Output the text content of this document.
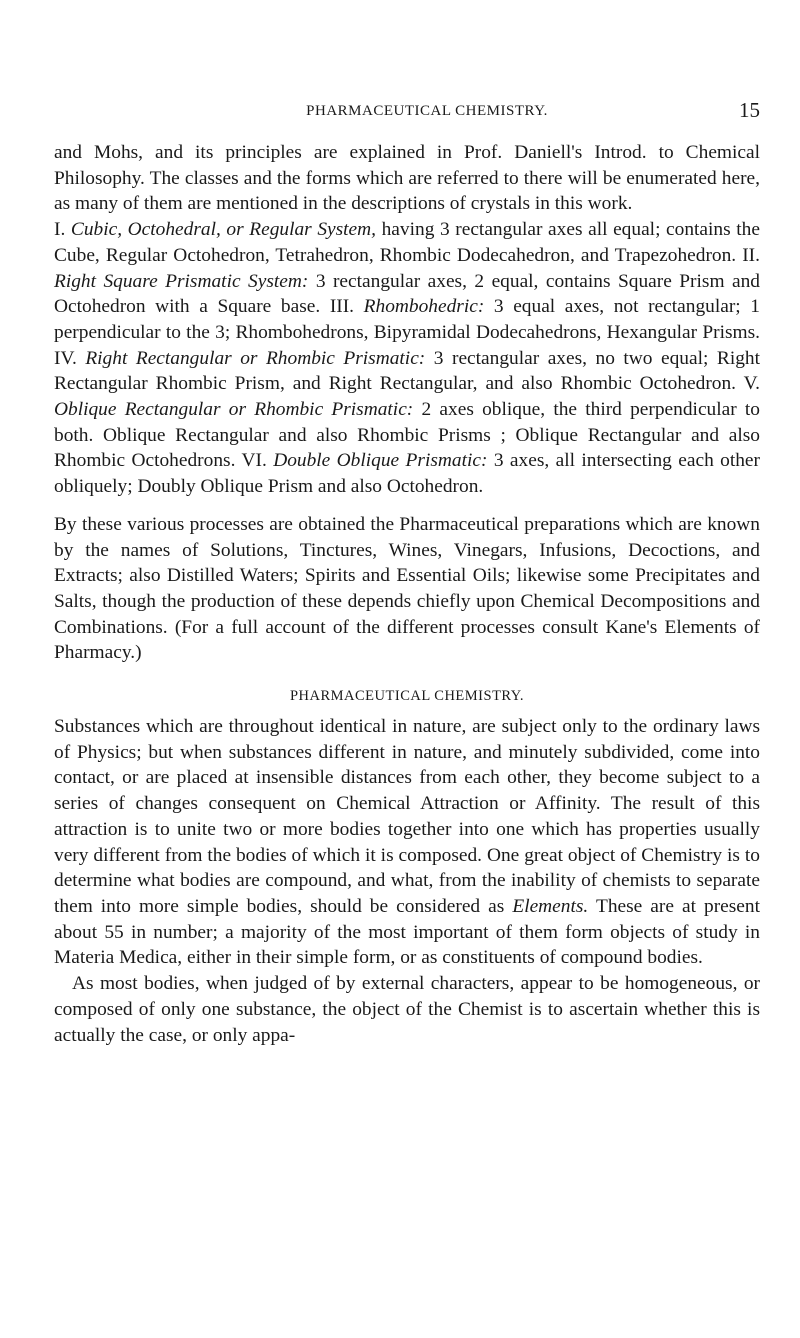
PHARMACEUTICAL CHEMISTRY.	15

and Mohs, and its principles are explained in Prof. Daniell's Introd. to Chemical Philosophy. The classes and the forms which are referred to there will be enumerated here, as many of them are mentioned in the descriptions of crystals in this work.
I. Cubic, Octohedral, or Regular System, having 3 rectangular axes all equal; contains the Cube, Regular Octohedron, Tetrahedron, Rhombic Dodecahedron, and Trapezohedron. II. Right Square Prismatic System: 3 rectangular axes, 2 equal, contains Square Prism and Octohedron with a Square base. III. Rhombohedric: 3 equal axes, not rectangular; 1 perpendicular to the 3; Rhombohedrons, Bipyramidal Dodecahedrons, Hexangular Prisms. IV. Right Rectangular or Rhombic Prismatic: 3 rectangular axes, no two equal; Right Rectangular Rhombic Prism, and Right Rectangular, and also Rhombic Octohedron. V. Oblique Rectangular or Rhombic Prismatic: 2 axes oblique, the third perpendicular to both. Oblique Rectangular and also Rhombic Prisms ; Oblique Rectangular and also Rhombic Octohedrons. VI. Double Oblique Prismatic: 3 axes, all intersecting each other obliquely; Doubly Oblique Prism and also Octohedron.

By these various processes are obtained the Pharmaceutical preparations which are known by the names of Solutions, Tinctures, Wines, Vinegars, Infusions, Decoctions, and Extracts; also Distilled Waters; Spirits and Essential Oils; likewise some Precipitates and Salts, though the production of these depends chiefly upon Chemical Decompositions and Combinations. (For a full account of the different processes consult Kane's Elements of Pharmacy.)

PHARMACEUTICAL CHEMISTRY.

Substances which are throughout identical in nature, are subject only to the ordinary laws of Physics; but when substances different in nature, and minutely subdivided, come into contact, or are placed at insensible distances from each other, they become subject to a series of changes consequent on Chemical Attraction or Affinity. The result of this attraction is to unite two or more bodies together into one which has properties usually very different from the bodies of which it is composed. One great object of Chemistry is to determine what bodies are compound, and what, from the inability of chemists to separate them into more simple bodies, should be considered as Elements. These are at present about 55 in number; a majority of the most important of them form objects of study in Materia Medica, either in their simple form, or as constituents of compound bodies.

As most bodies, when judged of by external characters, appear to be homogeneous, or composed of only one substance, the object of the Chemist is to ascertain whether this is actually the case, or only appa-
